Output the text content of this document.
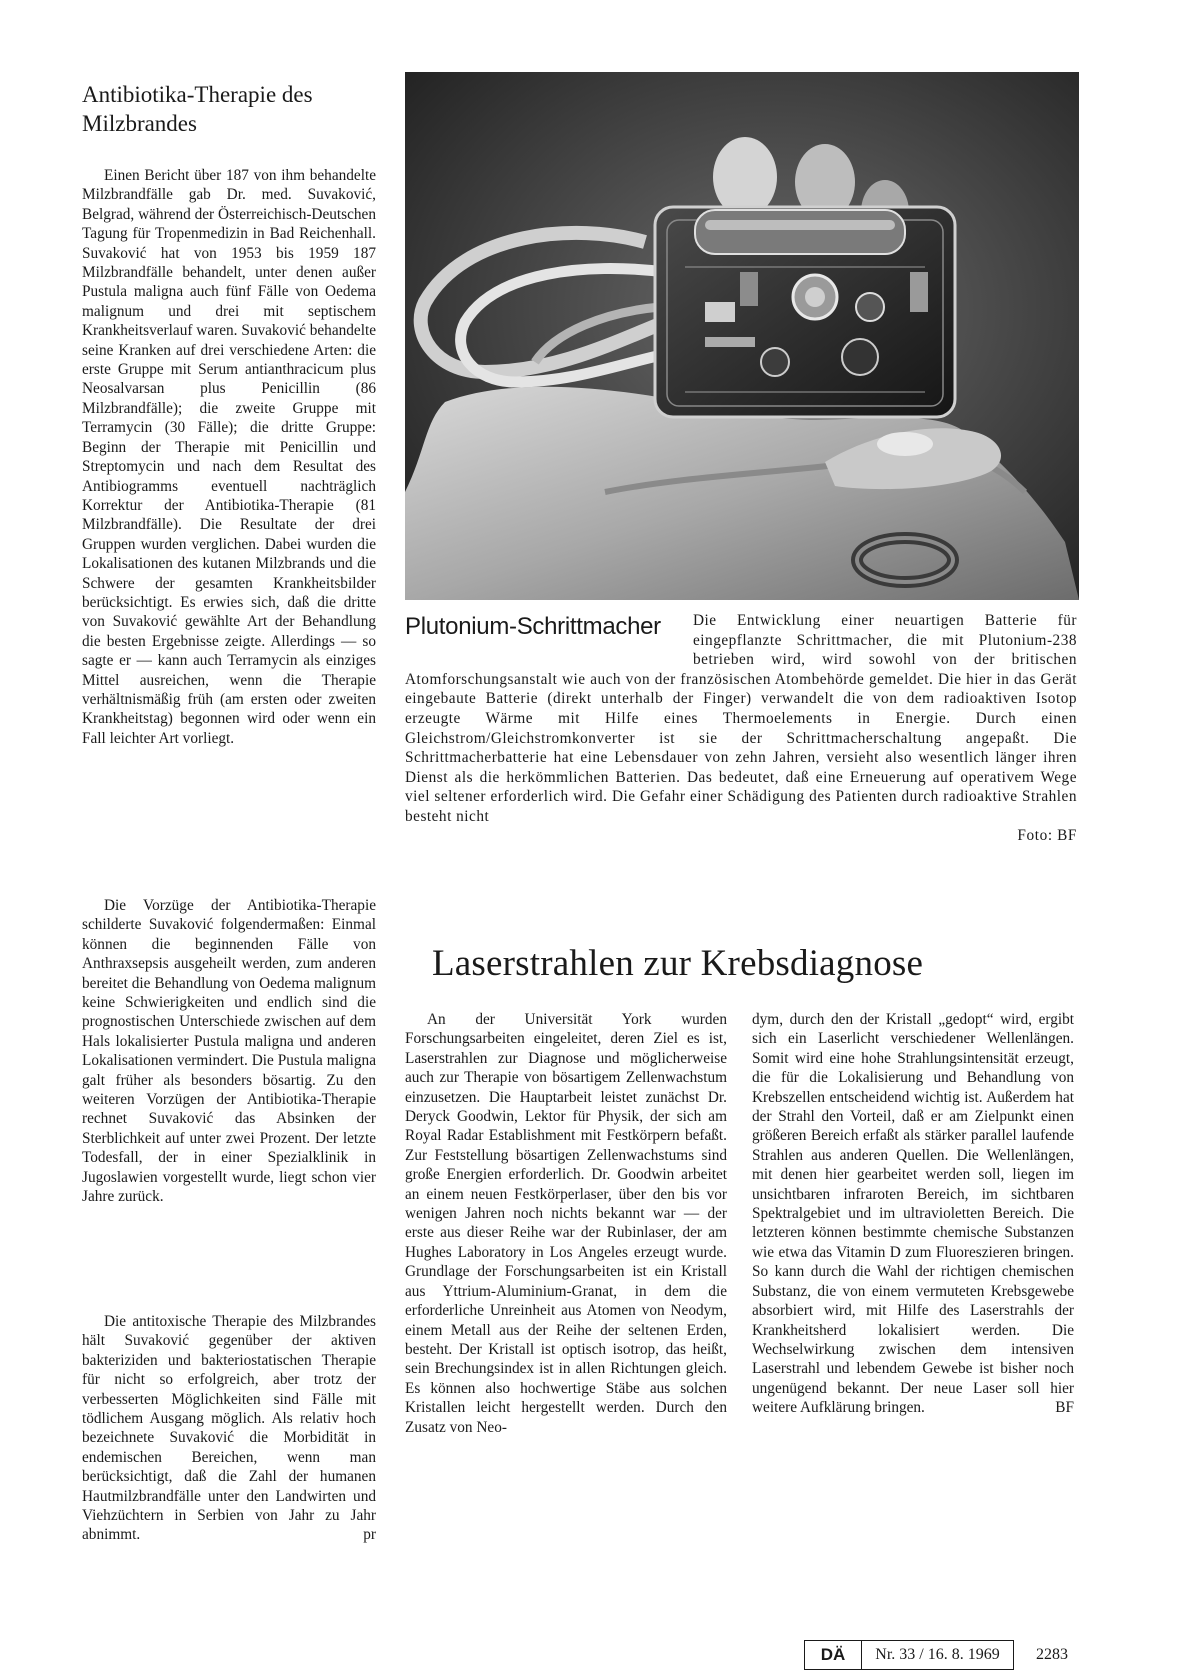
Antibiotika-Therapie des Milzbrandes

Einen Bericht über 187 von ihm behandelte Milzbrandfälle gab Dr. med. Suvaković, Belgrad, während der Österreichisch-Deutschen Tagung für Tropenmedizin in Bad Reichenhall. Suvaković hat von 1953 bis 1959 187 Milzbrandfälle behandelt, unter denen außer Pustula maligna auch fünf Fälle von Oedema malignum und drei mit septischem Krankheitsverlauf waren. Suvaković behandelte seine Kranken auf drei verschiedene Arten: die erste Gruppe mit Serum antianthracicum plus Neosalvarsan plus Penicillin (86 Milzbrandfälle); die zweite Gruppe mit Terramycin (30 Fälle); die dritte Gruppe: Beginn der Therapie mit Penicillin und Streptomycin und nach dem Resultat des Antibiogramms eventuell nachträglich Korrektur der Antibiotika-Therapie (81 Milzbrandfälle). Die Resultate der drei Gruppen wurden verglichen. Dabei wurden die Lokalisationen des kutanen Milzbrands und die Schwere der gesamten Krankheitsbilder berücksichtigt. Es erwies sich, daß die dritte von Suvaković gewählte Art der Behandlung die besten Ergebnisse zeigte. Allerdings — so sagte er — kann auch Terramycin als einziges Mittel ausreichen, wenn die Therapie verhältnismäßig früh (am ersten oder zweiten Krankheitstag) begonnen wird oder wenn ein Fall leichter Art vorliegt.

Die Vorzüge der Antibiotika-Therapie schilderte Suvaković folgendermaßen: Einmal können die beginnenden Fälle von Anthraxsepsis ausgeheilt werden, zum anderen bereitet die Behandlung von Oedema malignum keine Schwierigkeiten und endlich sind die prognostischen Unterschiede zwischen auf dem Hals lokalisierter Pustula maligna und anderen Lokalisationen vermindert. Die Pustula maligna galt früher als besonders bösartig. Zu den weiteren Vorzügen der Antibiotika-Therapie rechnet Suvaković das Absinken der Sterblichkeit auf unter zwei Prozent. Der letzte Todesfall, der in einer Spezialklinik in Jugoslawien vorgestellt wurde, liegt schon vier Jahre zurück.

Die antitoxische Therapie des Milzbrandes hält Suvaković gegenüber der aktiven bakteriziden und bakteriostatischen Therapie für nicht so erfolgreich, aber trotz der verbesserten Möglichkeiten sind Fälle mit tödlichem Ausgang möglich. Als relativ hoch bezeichnete Suvaković die Morbidität in endemischen Bereichen, wenn man berücksichtigt, daß die Zahl der humanen Hautmilzbrandfälle unter den Landwirten und Viehzüchtern in Serbien von Jahr zu Jahr abnimmt.	pr

Die Entwicklung einer neuartigen Batterie für eingepflanzte Schrittmacher, die mit Plutonium-238 betrieben wird, wird sowohl von der britischen Atomforschungsanstalt wie auch von der französischen Atombehörde gemeldet. Die hier in das Gerät eingebaute Batterie (direkt unterhalb der Finger) verwandelt die von dem radioaktiven Isotop erzeugte Wärme mit Hilfe eines Thermoelements in Energie. Durch einen Gleichstrom/Gleichstromkonverter ist sie der Schrittmacherschaltung angepaßt. Die Schrittmacherbatterie hat eine Lebensdauer von zehn Jahren, versieht also wesentlich länger ihren Dienst als die herkömmlichen Batterien. Das bedeutet, daß eine Erneuerung auf operativem Wege viel seltener erforderlich wird. Die Gefahr einer Schädigung des Patienten durch radioaktive Strahlen besteht nicht
Plutonium-Schrittmacher
Foto: BF
Laserstrahlen zur Krebsdiagnose

An der Universität York wurden Forschungsarbeiten eingeleitet, deren Ziel es ist, Laserstrahlen zur Diagnose und möglicherweise auch zur Therapie von bösartigem Zellenwachstum einzusetzen. Die Hauptarbeit leistet zunächst Dr. Deryck Goodwin, Lektor für Physik, der sich am Royal Radar Establishment mit Festkörpern befaßt. Zur Feststellung bösartigen Zellenwachstums sind große Energien erforderlich. Dr. Goodwin arbeitet an einem neuen Festkörperlaser, über den bis vor wenigen Jahren noch nichts bekannt war — der erste aus dieser Reihe war der Rubinlaser, der am Hughes Laboratory in Los Angeles erzeugt wurde. Grundlage der Forschungsarbeiten ist ein Kristall aus Yttrium-Aluminium-Granat, in dem die erforderliche Unreinheit aus Atomen von Neodym, einem Metall aus der Reihe der seltenen Erden, besteht. Der Kristall ist optisch isotrop, das heißt, sein Brechungsindex ist in allen Richtungen gleich. Es können also hochwertige Stäbe aus solchen Kristallen leicht hergestellt werden. Durch den Zusatz von Neo-

dym, durch den der Kristall „gedopt“ wird, ergibt sich ein Laserlicht verschiedener Wellenlängen. Somit wird eine hohe Strahlungsintensität erzeugt, die für die Lokalisierung und Behandlung von Krebszellen entscheidend wichtig ist. Außerdem hat der Strahl den Vorteil, daß er am Zielpunkt einen größeren Bereich erfaßt als stärker parallel laufende Strahlen aus anderen Quellen. Die Wellenlängen, mit denen hier gearbeitet werden soll, liegen im unsichtbaren infraroten Bereich, im sichtbaren Spektralgebiet und im ultravioletten Bereich. Die letzteren können bestimmte chemische Substanzen wie etwa das Vitamin D zum Fluoreszieren bringen. So kann durch die Wahl der richtigen chemischen Substanz, die von einem vermuteten Krebsgewebe absorbiert wird, mit Hilfe des Laserstrahls der Krankheitsherd lokalisiert werden. Die Wechselwirkung zwischen dem intensiven Laserstrahl und lebendem Gewebe ist bisher noch ungenügend bekannt. Der neue Laser soll hier weitere Aufklärung bringen.	BF

DÄ	Nr. 33 / 16. 8. 1969	2283
